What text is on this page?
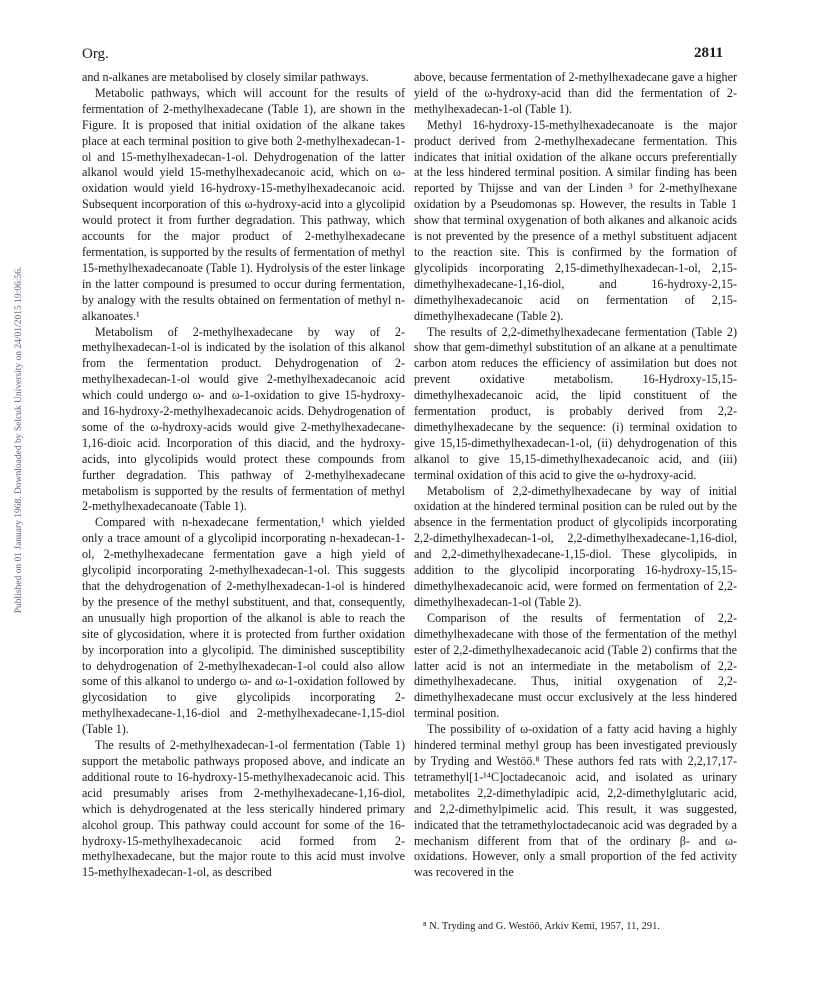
Org.	2811
Published on 01 January 1968. Downloaded by Selcuk University on 24/01/2015 19:06:56.

and n-alkanes are metabolised by closely similar pathways.

Metabolic pathways, which will account for the results of fermentation of 2-methylhexadecane (Table 1), are shown in the Figure. It is proposed that initial oxidation of the alkane takes place at each terminal position to give both 2-methylhexadecan-1-ol and 15-methylhexadecan-1-ol. Dehydrogenation of the latter alkanol would yield 15-methylhexadecanoic acid, which on ω-oxidation would yield 16-hydroxy-15-methylhexadecanoic acid. Subsequent incorporation of this ω-hydroxy-acid into a glycolipid would protect it from further degradation. This pathway, which accounts for the major product of 2-methylhexadecane fermentation, is supported by the results of fermentation of methyl 15-methylhexadecanoate (Table 1). Hydrolysis of the ester linkage in the latter compound is presumed to occur during fermentation, by analogy with the results obtained on fermentation of methyl n-alkanoates.¹

Metabolism of 2-methylhexadecane by way of 2-methylhexadecan-1-ol is indicated by the isolation of this alkanol from the fermentation product. Dehydrogenation of 2-methylhexadecan-1-ol would give 2-methylhexadecanoic acid which could undergo ω- and ω-1-oxidation to give 15-hydroxy- and 16-hydroxy-2-methylhexadecanoic acids. Dehydrogenation of some of the ω-hydroxy-acids would give 2-methylhexadecane-1,16-dioic acid. Incorporation of this diacid, and the hydroxy-acids, into glycolipids would protect these compounds from further degradation. This pathway of 2-methylhexadecane metabolism is supported by the results of fermentation of methyl 2-methylhexadecanoate (Table 1).

Compared with n-hexadecane fermentation,¹ which yielded only a trace amount of a glycolipid incorporating n-hexadecan-1-ol, 2-methylhexadecane fermentation gave a high yield of glycolipid incorporating 2-methylhexadecan-1-ol. This suggests that the dehydrogenation of 2-methylhexadecan-1-ol is hindered by the presence of the methyl substituent, and that, consequently, an unusually high proportion of the alkanol is able to reach the site of glycosidation, where it is protected from further oxidation by incorporation into a glycolipid. The diminished susceptibility to dehydrogenation of 2-methylhexadecan-1-ol could also allow some of this alkanol to undergo ω- and ω-1-oxidation followed by glycosidation to give glycolipids incorporating 2-methylhexadecane-1,16-diol and 2-methylhexadecane-1,15-diol (Table 1).

The results of 2-methylhexadecan-1-ol fermentation (Table 1) support the metabolic pathways proposed above, and indicate an additional route to 16-hydroxy-15-methylhexadecanoic acid. This acid presumably arises from 2-methylhexadecane-1,16-diol, which is dehydrogenated at the less sterically hindered primary alcohol group. This pathway could account for some of the 16-hydroxy-15-methylhexadecanoic acid formed from 2-methylhexadecane, but the major route to this acid must involve 15-methylhexadecan-1-ol, as described

above, because fermentation of 2-methylhexadecane gave a higher yield of the ω-hydroxy-acid than did the fermentation of 2-methylhexadecan-1-ol (Table 1).

Methyl 16-hydroxy-15-methylhexadecanoate is the major product derived from 2-methylhexadecane fermentation. This indicates that initial oxidation of the alkane occurs preferentially at the less hindered terminal position. A similar finding has been reported by Thijsse and van der Linden ³ for 2-methylhexane oxidation by a Pseudomonas sp. However, the results in Table 1 show that terminal oxygenation of both alkanes and alkanoic acids is not prevented by the presence of a methyl substituent adjacent to the reaction site. This is confirmed by the formation of glycolipids incorporating 2,15-dimethylhexadecan-1-ol, 2,15-dimethylhexadecane-1,16-diol, and 16-hydroxy-2,15-dimethylhexadecanoic acid on fermentation of 2,15-dimethylhexadecane (Table 2).

The results of 2,2-dimethylhexadecane fermentation (Table 2) show that gem-dimethyl substitution of an alkane at a penultimate carbon atom reduces the efficiency of assimilation but does not prevent oxidative metabolism. 16-Hydroxy-15,15-dimethylhexadecanoic acid, the lipid constituent of the fermentation product, is probably derived from 2,2-dimethylhexadecane by the sequence: (i) terminal oxidation to give 15,15-dimethylhexadecan-1-ol, (ii) dehydrogenation of this alkanol to give 15,15-dimethylhexadecanoic acid, and (iii) terminal oxidation of this acid to give the ω-hydroxy-acid.

Metabolism of 2,2-dimethylhexadecane by way of initial oxidation at the hindered terminal position can be ruled out by the absence in the fermentation product of glycolipids incorporating 2,2-dimethylhexadecan-1-ol, 2,2-dimethylhexadecane-1,16-diol, and 2,2-dimethylhexadecane-1,15-diol. These glycolipids, in addition to the glycolipid incorporating 16-hydroxy-15,15-dimethylhexadecanoic acid, were formed on fermentation of 2,2-dimethylhexadecan-1-ol (Table 2).

Comparison of the results of fermentation of 2,2-dimethylhexadecane with those of the fermentation of the methyl ester of 2,2-dimethylhexadecanoic acid (Table 2) confirms that the latter acid is not an intermediate in the metabolism of 2,2-dimethylhexadecane. Thus, initial oxygenation of 2,2-dimethylhexadecane must occur exclusively at the less hindered terminal position.

The possibility of ω-oxidation of a fatty acid having a highly hindered terminal methyl group has been investigated previously by Tryding and Westöö.⁸ These authors fed rats with 2,2,17,17-tetramethyl[1-¹⁴C]octadecanoic acid, and isolated as urinary metabolites 2,2-dimethyladipic acid, 2,2-dimethylglutaric acid, and 2,2-dimethylpimelic acid. This result, it was suggested, indicated that the tetramethyloctadecanoic acid was degraded by a mechanism different from that of the ordinary β- and ω-oxidations. However, only a small proportion of the fed activity was recovered in the

⁸ N. Tryding and G. Westöö, Arkiv Kemi, 1957, 11, 291.
